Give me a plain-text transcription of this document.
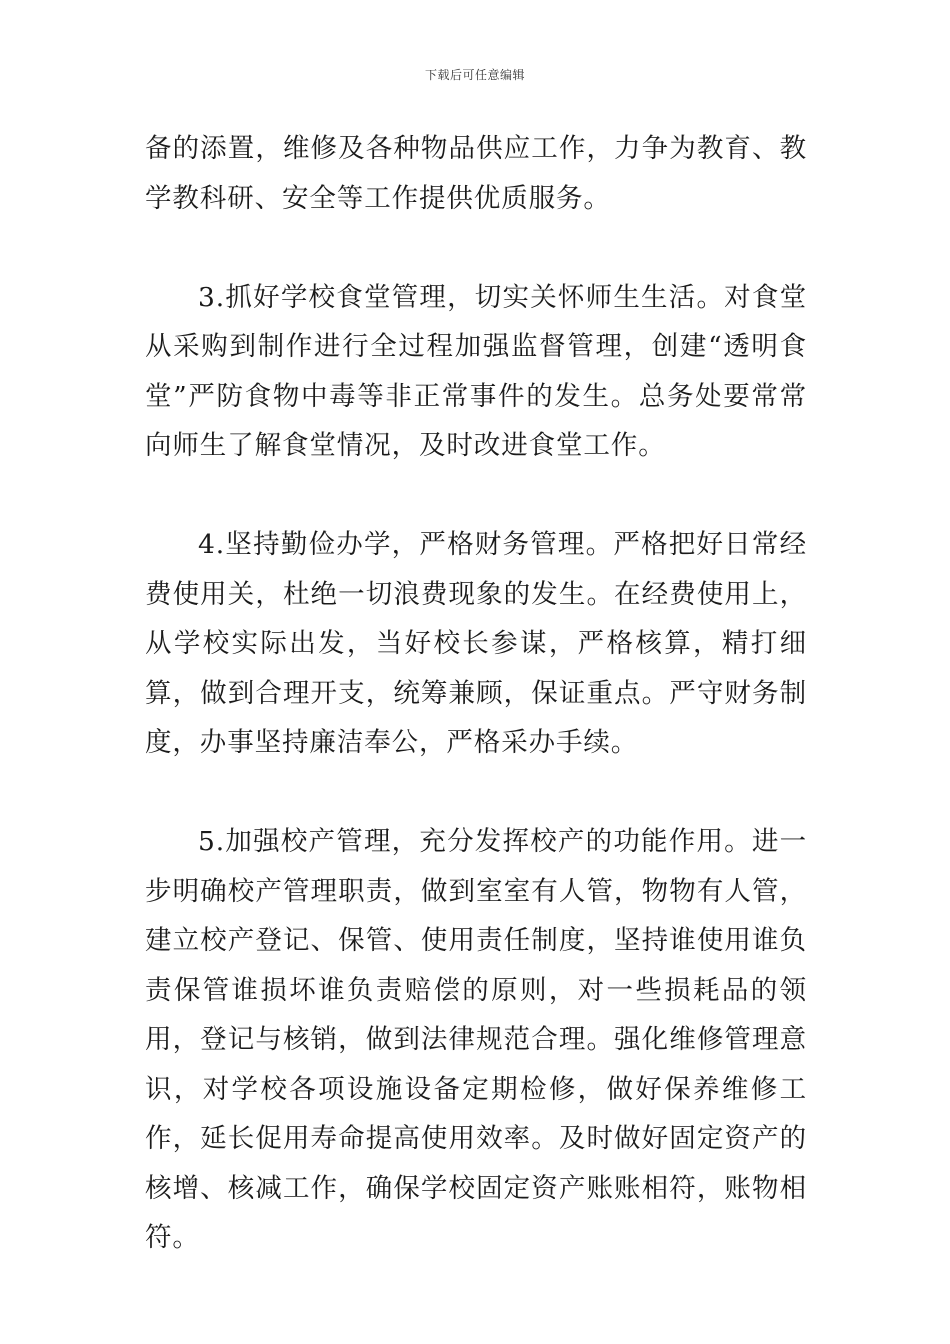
下载后可任意编辑

备的添置，维修及各种物品供应工作，力争为教育、教学教科研、安全等工作提供优质服务。

3.抓好学校食堂管理，切实关怀师生生活。对食堂从采购到制作进行全过程加强监督管理，创建“透明食堂”严防食物中毒等非正常事件的发生。总务处要常常向师生了解食堂情况，及时改进食堂工作。

4.坚持勤俭办学，严格财务管理。严格把好日常经费使用关，杜绝一切浪费现象的发生。在经费使用上，从学校实际出发，当好校长参谋，严格核算，精打细算，做到合理开支，统筹兼顾，保证重点。严守财务制度，办事坚持廉洁奉公，严格采办手续。

5.加强校产管理，充分发挥校产的功能作用。进一步明确校产管理职责，做到室室有人管，物物有人管，建立校产登记、保管、使用责任制度，坚持谁使用谁负责保管谁损坏谁负责赔偿的原则，对一些损耗品的领用，登记与核销，做到法律规范合理。强化维修管理意识，对学校各项设施设备定期检修，做好保养维修工作，延长促用寿命提高使用效率。及时做好固定资产的核增、核减工作，确保学校固定资产账账相符，账物相符。
